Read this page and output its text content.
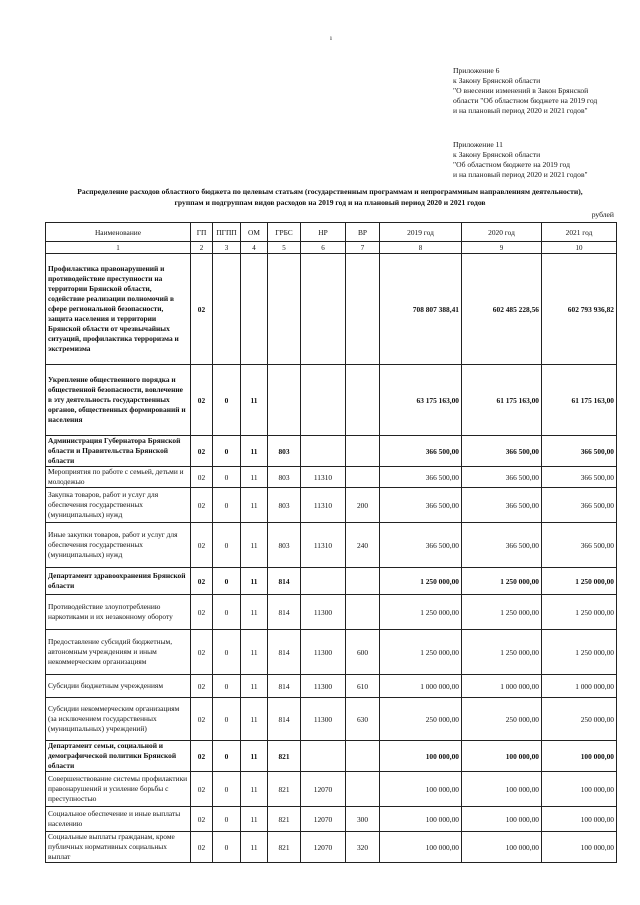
ı
Приложение 6
к Закону Брянской области
"О внесении изменений в Закон Брянской
области "Об областном бюджете на 2019 год
и на плановый период 2020 и 2021 годов"
Приложение 11
к Закону Брянской области
"Об областном бюджете на 2019 год
и на плановый период 2020 и 2021 годов"
Распределение расходов областного бюджета по целевым статьям (государственным программам и непрограммным направлениям деятельности),
группам и подгруппам видов расходов на 2019 год и на плановый период 2020 и 2021 годов
рублей
Наименование	ГП	ПГПП	ОМ	ГРБС	НР	ВР	2019 год	2020 год	2021 год
1	2	3	4	5	6	7	8	9	10
Профилактика правонарушений и противодействие преступности на территории Брянской области, содействие реализации полномочий в сфере региональной безопасности, защита населения и территории Брянской области от чрезвычайных ситуаций, профилактика терроризма и экстремизма	02						708 807 388,41	602 485 228,56	602 793 936,82
Укрепление общественного порядка и общественной безопасности, вовлечение в эту деятельность государственных органов, общественных формирований и населения	02	0	11				63 175 163,00	61 175 163,00	61 175 163,00
Администрация Губернатора Брянской области и Правительства Брянской области	02	0	11	803			366 500,00	366 500,00	366 500,00
Мероприятия по работе с семьей, детьми и молодежью	02	0	11	803	11310		366 500,00	366 500,00	366 500,00
Закупка товаров, работ и услуг для обеспечения государственных (муниципальных) нужд	02	0	11	803	11310	200	366 500,00	366 500,00	366 500,00
Иные закупки товаров, работ и услуг для обеспечения государственных (муниципальных) нужд	02	0	11	803	11310	240	366 500,00	366 500,00	366 500,00
Департамент здравоохранения Брянской области	02	0	11	814			1 250 000,00	1 250 000,00	1 250 000,00
Противодействие злоупотреблению наркотиками и их незаконному обороту	02	0	11	814	11300		1 250 000,00	1 250 000,00	1 250 000,00
Предоставление субсидий бюджетным, автономным учреждениям и иным некоммерческим организациям	02	0	11	814	11300	600	1 250 000,00	1 250 000,00	1 250 000,00
Субсидии бюджетным учреждениям	02	0	11	814	11300	610	1 000 000,00	1 000 000,00	1 000 000,00
Субсидии некоммерческим организациям (за исключением государственных (муниципальных) учреждений)	02	0	11	814	11300	630	250 000,00	250 000,00	250 000,00
Департамент семьи, социальной и демографической политики Брянской области	02	0	11	821			100 000,00	100 000,00	100 000,00
Совершенствование системы профилактики правонарушений и усиление борьбы с преступностью	02	0	11	821	12070		100 000,00	100 000,00	100 000,00
Социальное обеспечение и иные выплаты населению	02	0	11	821	12070	300	100 000,00	100 000,00	100 000,00
Социальные выплаты гражданам, кроме публичных нормативных социальных выплат	02	0	11	821	12070	320	100 000,00	100 000,00	100 000,00
